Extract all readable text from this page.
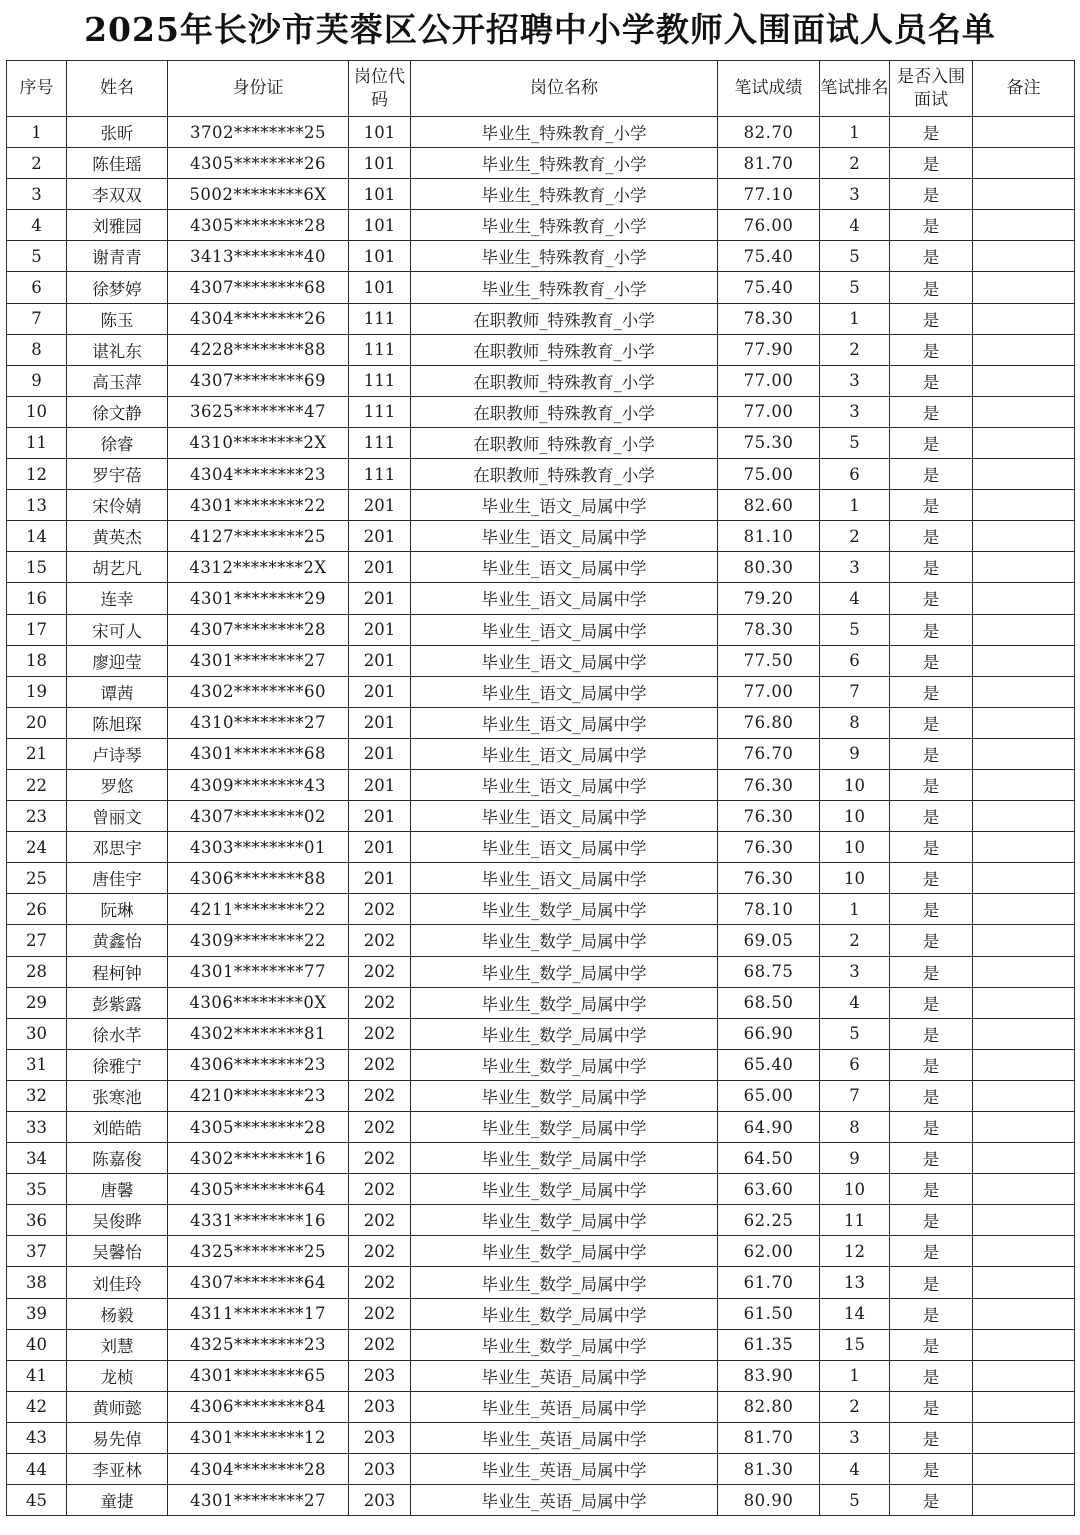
2025年长沙市芙蓉区公开招聘中小学教师入围面试人员名单
序号	姓名	身份证	岗位代码	岗位名称	笔试成绩	笔试排名	是否入围面试	备注
1	张昕	3702********25	101	毕业生_特殊教育_小学	82.70	1	是	
2	陈佳瑶	4305********26	101	毕业生_特殊教育_小学	81.70	2	是	
3	李双双	5002********6X	101	毕业生_特殊教育_小学	77.10	3	是	
4	刘雅园	4305********28	101	毕业生_特殊教育_小学	76.00	4	是	
5	谢青青	3413********40	101	毕业生_特殊教育_小学	75.40	5	是	
6	徐梦婷	4307********68	101	毕业生_特殊教育_小学	75.40	5	是	
7	陈玉	4304********26	111	在职教师_特殊教育_小学	78.30	1	是	
8	谌礼东	4228********88	111	在职教师_特殊教育_小学	77.90	2	是	
9	高玉萍	4307********69	111	在职教师_特殊教育_小学	77.00	3	是	
10	徐文静	3625********47	111	在职教师_特殊教育_小学	77.00	3	是	
11	徐睿	4310********2X	111	在职教师_特殊教育_小学	75.30	5	是	
12	罗宇蓓	4304********23	111	在职教师_特殊教育_小学	75.00	6	是	
13	宋伶婧	4301********22	201	毕业生_语文_局属中学	82.60	1	是	
14	黄英杰	4127********25	201	毕业生_语文_局属中学	81.10	2	是	
15	胡艺凡	4312********2X	201	毕业生_语文_局属中学	80.30	3	是	
16	连幸	4301********29	201	毕业生_语文_局属中学	79.20	4	是	
17	宋可人	4307********28	201	毕业生_语文_局属中学	78.30	5	是	
18	廖迎莹	4301********27	201	毕业生_语文_局属中学	77.50	6	是	
19	谭茜	4302********60	201	毕业生_语文_局属中学	77.00	7	是	
20	陈旭琛	4310********27	201	毕业生_语文_局属中学	76.80	8	是	
21	卢诗琴	4301********68	201	毕业生_语文_局属中学	76.70	9	是	
22	罗悠	4309********43	201	毕业生_语文_局属中学	76.30	10	是	
23	曾丽文	4307********02	201	毕业生_语文_局属中学	76.30	10	是	
24	邓思宇	4303********01	201	毕业生_语文_局属中学	76.30	10	是	
25	唐佳宇	4306********88	201	毕业生_语文_局属中学	76.30	10	是	
26	阮琳	4211********22	202	毕业生_数学_局属中学	78.10	1	是	
27	黄鑫怡	4309********22	202	毕业生_数学_局属中学	69.05	2	是	
28	程柯钟	4301********77	202	毕业生_数学_局属中学	68.75	3	是	
29	彭紫露	4306********0X	202	毕业生_数学_局属中学	68.50	4	是	
30	徐水芊	4302********81	202	毕业生_数学_局属中学	66.90	5	是	
31	徐雅宁	4306********23	202	毕业生_数学_局属中学	65.40	6	是	
32	张寒池	4210********23	202	毕业生_数学_局属中学	65.00	7	是	
33	刘皓皓	4305********28	202	毕业生_数学_局属中学	64.90	8	是	
34	陈嘉俊	4302********16	202	毕业生_数学_局属中学	64.50	9	是	
35	唐馨	4305********64	202	毕业生_数学_局属中学	63.60	10	是	
36	吴俊晔	4331********16	202	毕业生_数学_局属中学	62.25	11	是	
37	吴馨怡	4325********25	202	毕业生_数学_局属中学	62.00	12	是	
38	刘佳玲	4307********64	202	毕业生_数学_局属中学	61.70	13	是	
39	杨毅	4311********17	202	毕业生_数学_局属中学	61.50	14	是	
40	刘慧	4325********23	202	毕业生_数学_局属中学	61.35	15	是	
41	龙桢	4301********65	203	毕业生_英语_局属中学	83.90	1	是	
42	黄师懿	4306********84	203	毕业生_英语_局属中学	82.80	2	是	
43	易先倬	4301********12	203	毕业生_英语_局属中学	81.70	3	是	
44	李亚林	4304********28	203	毕业生_英语_局属中学	81.30	4	是	
45	童捷	4301********27	203	毕业生_英语_局属中学	80.90	5	是	
